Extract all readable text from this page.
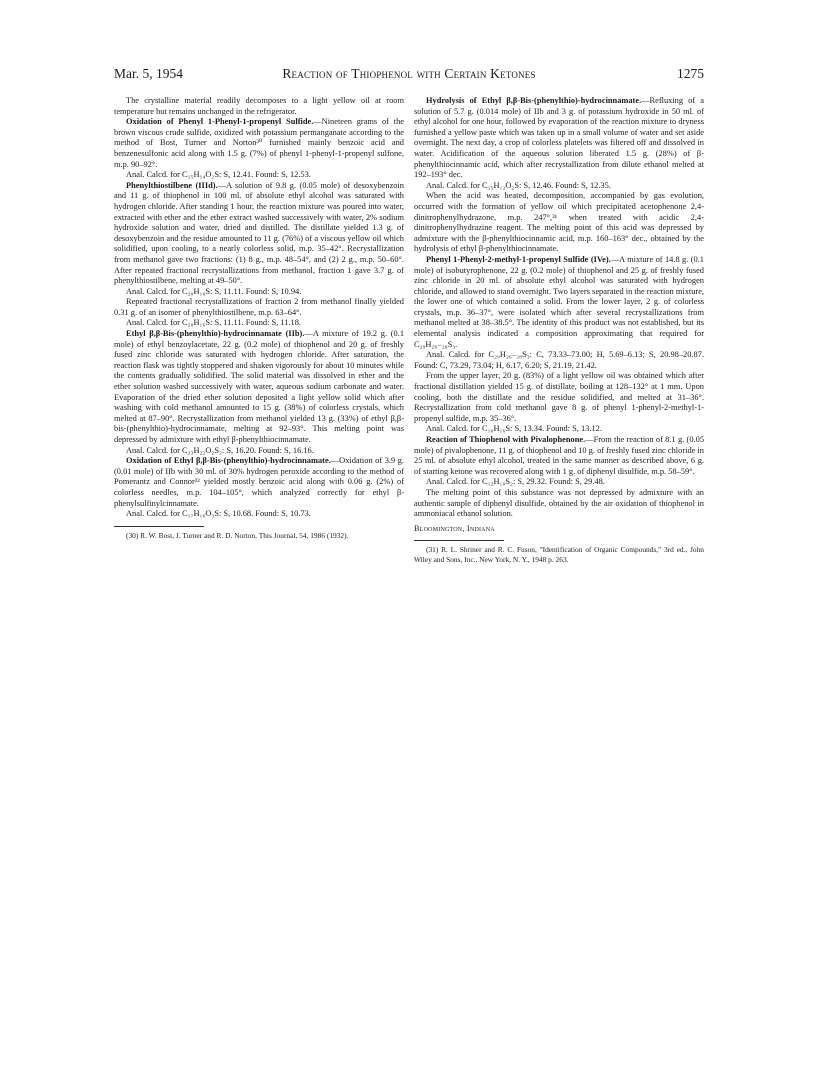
Mar. 5, 1954	Reaction of Thiophenol with Certain Ketones	1275

The crystalline material readily decomposes to a light yellow oil at room temperature but remains unchanged in the refrigerator.

Oxidation of Phenyl 1-Phenyl-1-propenyl Sulfide.—Nineteen grams of the brown viscous crude sulfide, oxidized with potassium permanganate according to the method of Bost, Turner and Norton³⁰ furnished mainly benzoic acid and benzenesulfonic acid along with 1.5 g. (7%) of phenyl 1-phenyl-1-propenyl sulfone, m.p. 90–92°.

Anal. Calcd. for C₁₅H₁₄O₂S: S, 12.41. Found: S, 12.53.

Phenylthiostilbene (IIId).—A solution of 9.8 g. (0.05 mole) of desoxybenzoin and 11 g. of thiophenol in 100 ml. of absolute ethyl alcohol was saturated with hydrogen chloride. After standing 1 hour, the reaction mixture was poured into water, extracted with ether and the ether extract washed successively with water, 2% sodium hydroxide solution and water, dried and distilled. The distillate yielded 1.3 g. of desoxybenzoin and the residue amounted to 11 g. (76%) of a viscous yellow oil which solidified, upon cooling, to a nearly colorless solid, m.p. 35–42°. Recrystallization from methanol gave two fractions: (1) 8 g., m.p. 48–54°, and (2) 2 g., m.p. 50–60°. After repeated fractional recrystallizations from methanol, fraction 1 gave 3.7 g. of phenylthiostilbene, melting at 49–50°.

Anal. Calcd. for C₂₀H₁₆S: S, 11.11. Found: S, 10.94.

Repeated fractional recrystallizations of fraction 2 from methanol finally yielded 0.31 g. of an isomer of phenylthiostilbene, m.p. 63–64°.

Anal. Calcd. for C₂₀H₁₆S: S, 11.11. Found: S, 11.18.

Ethyl β,β-Bis-(phenylthio)-hydrocinnamate (IIb).—A mixture of 19.2 g. (0.1 mole) of ethyl benzoylacetate, 22 g. (0.2 mole) of thiophenol and 20 g. of freshly fused zinc chloride was saturated with hydrogen chloride. After saturation, the reaction flask was tightly stoppered and shaken vigorously for about 10 minutes while the contents gradually solidified. The solid material was dissolved in ether and the ether solution washed successively with water, aqueous sodium carbonate and water. Evaporation of the dried ether solution deposited a light yellow solid which after washing with cold methanol amounted to 15 g. (38%) of colorless crystals, which melted at 87–90°. Recrystallization from methanol yielded 13 g. (33%) of ethyl β,β-bis-(phenylthio)-hydrocinnamate, melting at 92–93°. This melting point was depressed by admixture with ethyl β-phenylthiocinnamate.

Anal. Calcd. for C₂₃H₂₂O₂S₂: S, 16.20. Found: S, 16.16.

Oxidation of Ethyl β,β-Bis-(phenylthio)-hydrocinnamate.—Oxidation of 3.9 g. (0.01 mole) of IIb with 30 ml. of 30% hydrogen peroxide according to the method of Pomerantz and Connor²² yielded mostly benzoic acid along with 0.06 g. (2%) of colorless needles, m.p. 104–105°, which analyzed correctly for ethyl β-phenylsulfinylcinnamate.

Anal. Calcd. for C₁₇H₁₆O₃S: S, 10.68. Found: S, 10.73.

(30) R. W. Bost, J. Turner and R. D. Norton, This Journal, 54, 1986 (1932).

Hydrolysis of Ethyl β,β-Bis-(phenylthio)-hydrocinnamate.—Refluxing of a solution of 5.7 g. (0.014 mole) of IIb and 3 g. of potassium hydroxide in 50 ml. of ethyl alcohol for one hour, followed by evaporation of the reaction mixture to dryness furnished a yellow paste which was taken up in a small volume of water and set aside overnight. The next day, a crop of colorless platelets was filtered off and dissolved in water. Acidification of the aqueous solution liberated 1.5 g. (28%) of β-phenylthiocinnamic acid, which after recrystallization from dilute ethanol melted at 192–193° dec.

Anal. Calcd. for C₁₅H₁₂O₂S: S, 12.46. Found: S, 12.35.

When the acid was heated, decomposition, accompanied by gas evolution, occurred with the formation of yellow oil which precipitated acetophenone 2,4-dinitrophenylhydrazone, m.p. 247°,³¹ when treated with acidic 2,4-dinitrophenylhydrazine reagent. The melting point of this acid was depressed by admixture with the β-phenylthiocinnamic acid, m.p. 160–163° dec., obtained by the hydrolysis of ethyl β-phenylthiocinnamate.

Phenyl 1-Phenyl-2-methyl-1-propenyl Sulfide (IVe).—A mixture of 14.8 g. (0.1 mole) of isobutyrophenone, 22 g. (0.2 mole) of thiophenol and 25 g. of freshly fused zinc chloride in 20 ml. of absolute ethyl alcohol was saturated with hydrogen chloride, and allowed to stand overnight. Two layers separated in the reaction mixture, the lower one of which contained a solid. From the lower layer, 2 g. of colorless crystals, m.p. 36–37°, were isolated which after several recrystallizations from methanol melted at 38–38.5°. The identity of this product was not established, but its elemental analysis indicated a composition approximating that required for C₂₉H₂₆₋₂₈S₃.

Anal. Calcd. for C₂₉H₂₆₋₂₈S₃: C, 73.33–73.00; H, 5.69–6.13; S, 20.98–20.87. Found: C, 73.29, 73.04; H, 6.17, 6.20; S, 21.19, 21.42.

From the upper layer, 20 g. (83%) of a light yellow oil was obtained which after fractional distillation yielded 15 g. of distillate, boiling at 128–132° at 1 mm. Upon cooling, both the distillate and the residue solidified, and melted at 31–36°. Recrystallization from cold methanol gave 8 g. of phenyl 1-phenyl-2-methyl-1-propenyl sulfide, m.p. 35–36°.

Anal. Calcd. for C₁₆H₁₆S: S, 13.34. Found: S, 13.12.

Reaction of Thiophenol with Pivalophenone.—From the reaction of 8.1 g. (0.05 mole) of pivalophenone, 11 g. of thiophenol and 10 g. of freshly fused zinc chloride in 25 ml. of absolute ethyl alcohol, treated in the same manner as described above, 6 g. of starting ketone was recovered along with 1 g. of diphenyl disulfide, m.p. 58–59°.

Anal. Calcd. for C₁₂H₁₀S₂: S, 29.32. Found: S, 29.48.

The melting point of this substance was not depressed by admixture with an authentic sample of diphenyl disulfide, obtained by the air oxidation of thiophenol in ammoniacal ethanol solution.

Bloomington, Indiana

(31) R. L. Shriner and R. C. Fuson, "Identification of Organic Compounds," 3rd ed., John Wiley and Sons, Inc., New York, N. Y., 1948 p. 263.
